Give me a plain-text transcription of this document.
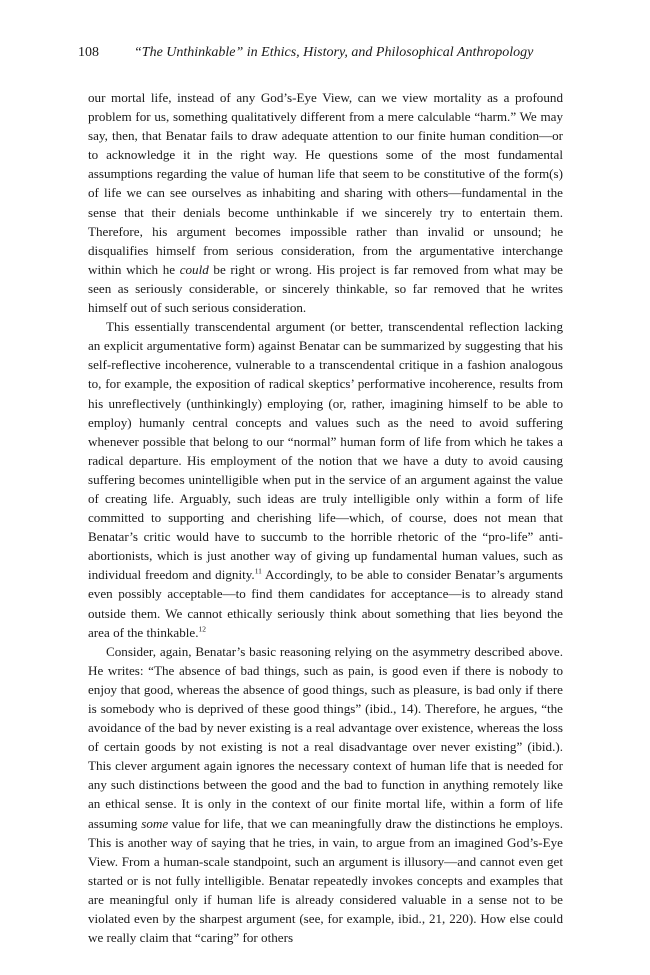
108	“The Unthinkable” in Ethics, History, and Philosophical Anthropology

our mortal life, instead of any God’s-Eye View, can we view mortality as a profound problem for us, something qualitatively different from a mere calculable “harm.” We may say, then, that Benatar fails to draw adequate attention to our finite human condition—or to acknowledge it in the right way. He questions some of the most fundamental assumptions regarding the value of human life that seem to be constitutive of the form(s) of life we can see ourselves as inhabiting and sharing with others—fundamental in the sense that their denials become unthinkable if we sincerely try to entertain them. Therefore, his argument becomes impossible rather than invalid or unsound; he disqualifies himself from serious consideration, from the argumentative interchange within which he could be right or wrong. His project is far removed from what may be seen as seriously considerable, or sincerely thinkable, so far removed that he writes himself out of such serious consideration.

This essentially transcendental argument (or better, transcendental reflection lacking an explicit argumentative form) against Benatar can be summarized by suggesting that his self-reflective incoherence, vulnerable to a transcendental critique in a fashion analogous to, for example, the exposition of radical skeptics’ performative incoherence, results from his unreflectively (unthinkingly) employing (or, rather, imagining himself to be able to employ) humanly central concepts and values such as the need to avoid suffering whenever possible that belong to our “normal” human form of life from which he takes a radical departure. His employment of the notion that we have a duty to avoid causing suffering becomes unintelligible when put in the service of an argument against the value of creating life. Arguably, such ideas are truly intelligible only within a form of life committed to supporting and cherishing life—which, of course, does not mean that Benatar’s critic would have to succumb to the horrible rhetoric of the “pro-life” anti-abortionists, which is just another way of giving up fundamental human values, such as individual freedom and dignity.$^{11}$ Accordingly, to be able to consider Benatar’s arguments even possibly acceptable—to find them candidates for acceptance—is to already stand outside them. We cannot ethically seriously think about something that lies beyond the area of the thinkable.$^{12}$

Consider, again, Benatar’s basic reasoning relying on the asymmetry described above. He writes: “The absence of bad things, such as pain, is good even if there is nobody to enjoy that good, whereas the absence of good things, such as pleasure, is bad only if there is somebody who is deprived of these good things” (ibid., 14). Therefore, he argues, “the avoidance of the bad by never existing is a real advantage over existence, whereas the loss of certain goods by not existing is not a real disadvantage over never existing” (ibid.). This clever argument again ignores the necessary context of human life that is needed for any such distinctions between the good and the bad to function in anything remotely like an ethical sense. It is only in the context of our finite mortal life, within a form of life assuming some value for life, that we can meaningfully draw the distinctions he employs. This is another way of saying that he tries, in vain, to argue from an imagined God’s-Eye View. From a human-scale standpoint, such an argument is illusory—and cannot even get started or is not fully intelligible. Benatar repeatedly invokes concepts and examples that are meaningful only if human life is already considered valuable in a sense not to be violated even by the sharpest argument (see, for example, ibid., 21, 220). How else could we really claim that “caring” for others
